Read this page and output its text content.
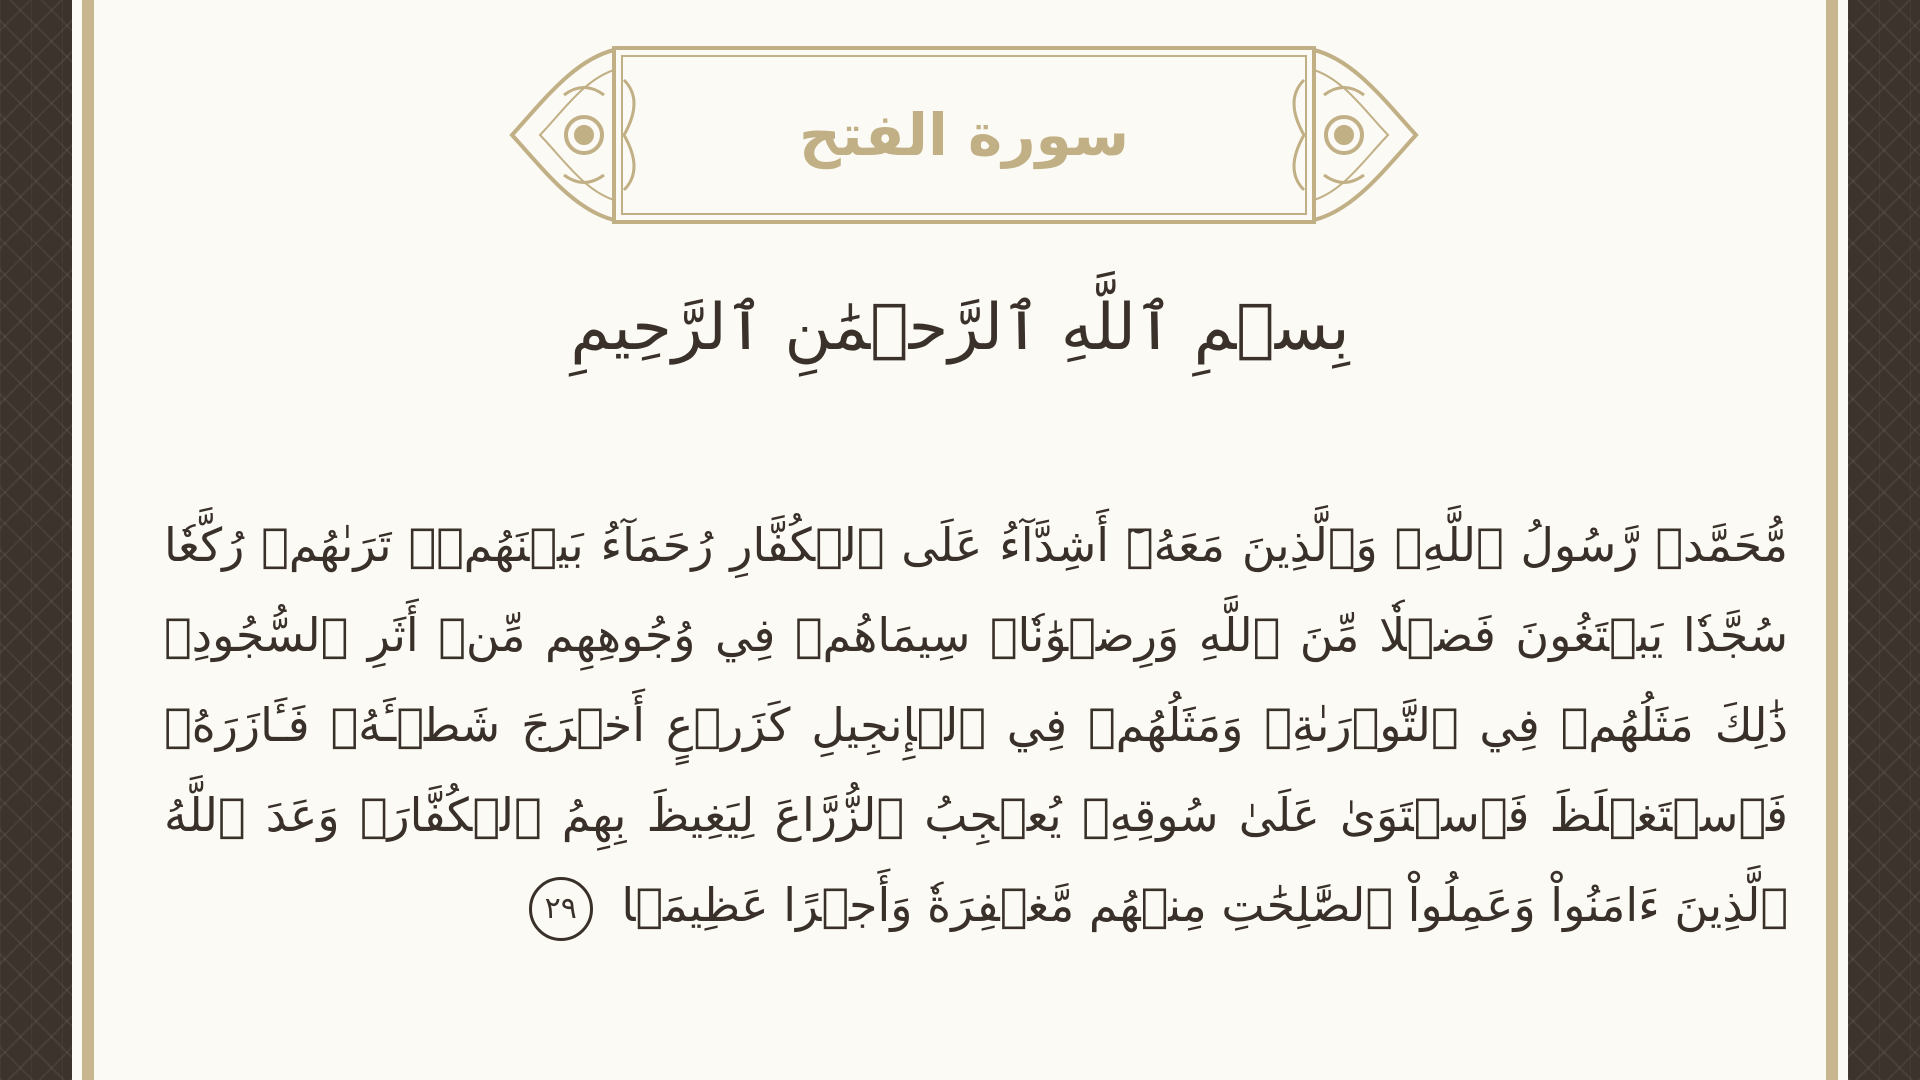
سورة الفتح
بِسۡمِ ٱللَّهِ ٱلرَّحۡمَٰنِ ٱلرَّحِيمِ
مُّحَمَّدٞ رَّسُولُ ٱللَّهِۚ وَٱلَّذِينَ مَعَهُۥٓ أَشِدَّآءُ عَلَى ٱلۡكُفَّارِ رُحَمَآءُ بَيۡنَهُمۡۖ تَرَىٰهُمۡ رُكَّعٗا سُجَّدٗا يَبۡتَغُونَ فَضۡلٗا مِّنَ ٱللَّهِ وَرِضۡوَٰنٗاۖ سِيمَاهُمۡ فِي وُجُوهِهِم مِّنۡ أَثَرِ ٱلسُّجُودِۚ ذَٰلِكَ مَثَلُهُمۡ فِي ٱلتَّوۡرَىٰةِۚ وَمَثَلُهُمۡ فِي ٱلۡإِنجِيلِ كَزَرۡعٍ أَخۡرَجَ شَطۡـَٔهُۥ فَـَٔازَرَهُۥ فَٱسۡتَغۡلَظَ فَٱسۡتَوَىٰ عَلَىٰ سُوقِهِۦ يُعۡجِبُ ٱلزُّرَّاعَ لِيَغِيظَ بِهِمُ ٱلۡكُفَّارَۗ وَعَدَ ٱللَّهُ ٱلَّذِينَ ءَامَنُواْ وَعَمِلُواْ ٱلصَّٰلِحَٰتِ مِنۡهُم مَّغۡفِرَةٗ وَأَجۡرًا عَظِيمَۢا ٢٩
